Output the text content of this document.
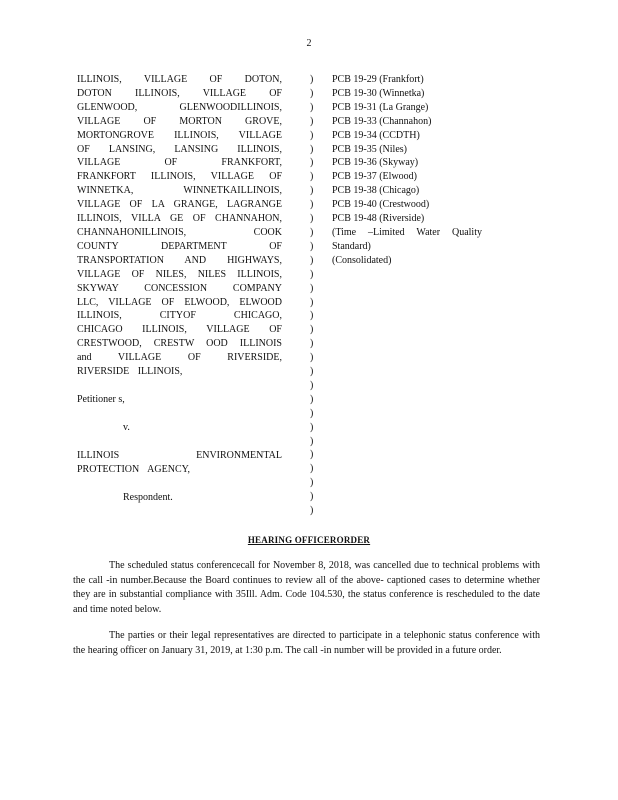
2
ILLINOIS, VILLAGE OF DOTON,
DOTON ILLINOIS, VILLAGE OF
GLENWOOD, GLENWOODILLINOIS,
VILLAGE OF MORTON GROVE,
MORTONGROVE ILLINOIS, VILLAGE
OF LANSING, LANSING ILLINOIS,
VILLAGE OF FRANKFORT,
FRANKFORT ILLINOIS, VILLAGE OF
WINNETKA, WINNETKAILLINOIS,
VILLAGE OF LA GRANGE, LAGRANGE
ILLINOIS, VILLA GE OF CHANNAHON,
CHANNAHONILLINOIS, COOK
COUNTY DEPARTMENT OF
TRANSPORTATION AND HIGHWAYS,
VILLAGE OF NILES, NILES ILLINOIS,
SKYWAY CONCESSION COMPANY
LLC, VILLAGE OF ELWOOD, ELWOOD
ILLINOIS, CITYOF CHICAGO,
CHICAGO ILLINOIS, VILLAGE OF
CRESTWOOD, CRESTW OOD ILLINOIS
and VILLAGE OF RIVERSIDE,
RIVERSIDE ILLINOIS,
Petitioner s,
v.
ILLINOIS ENVIRONMENTAL
PROTECTION AGENCY,
Respondent.
)
)
)
)
)
)
)
)
)
)
)
)
)
)
)
)
)
)
)
)
)
)
)
)
)
)
)
)
)
)
)
)
PCB 19-29 (Frankfort)
PCB 19-30 (Winnetka)
PCB 19-31 (La Grange)
PCB 19-33 (Channahon)
PCB 19-34 (CCDTH)
PCB 19-35 (Niles)
PCB 19-36 (Skyway)
PCB 19-37 (Elwood)
PCB 19-38 (Chicago)
PCB 19-40 (Crestwood)
PCB 19-48 (Riverside)
(Time –Limited Water Quality Standard)
(Consolidated)
HEARING OFFICERORDER
The scheduled status conferencecall for November 8, 2018, was cancelled due to technical problems with the call -in number.Because the Board continues to review all of the above- captioned cases to determine whether they are in substantial compliance with 35Ill. Adm. Code 104.530, the status conference is rescheduled to the date and time noted below.
The parties or their legal representatives are directed to participate in a telephonic status conference with the hearing officer on January 31, 2019, at 1:30 p.m. The call -in number will be provided in a future order.
